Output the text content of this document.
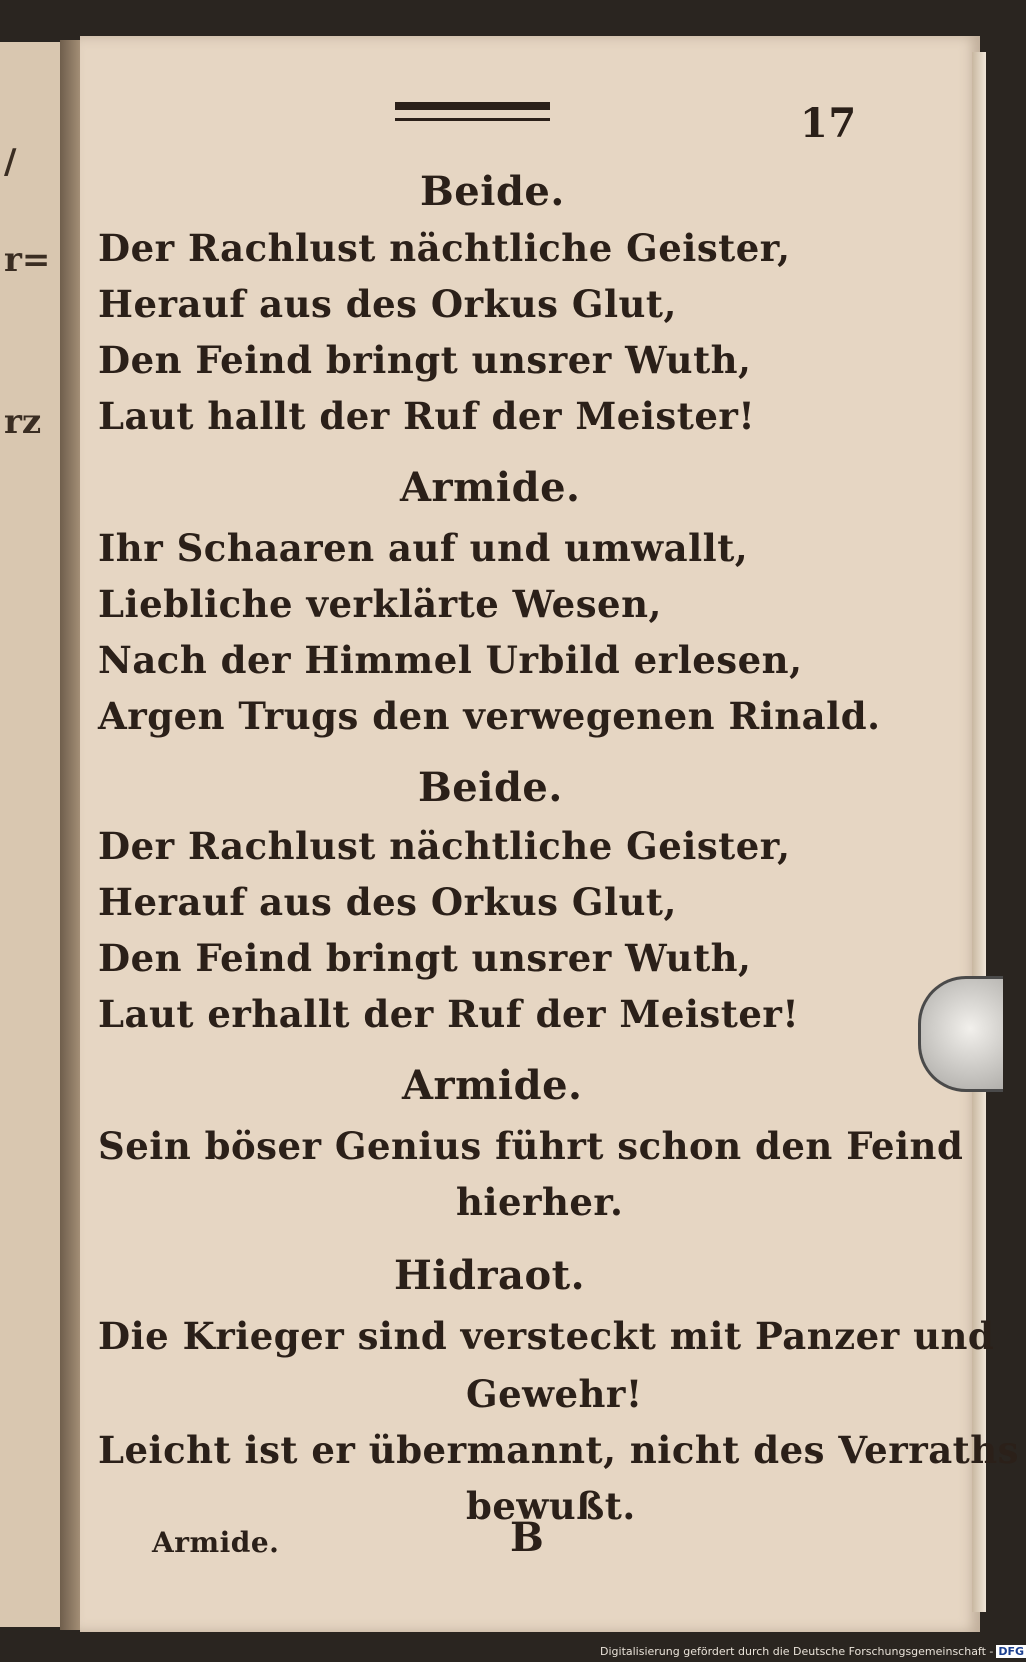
/
r=
rz
17
Beide.
Der Rachlust nächtliche Geister,
Herauf aus des Orkus Glut,
Den Feind bringt unsrer Wuth,
Laut hallt der Ruf der Meister!
Armide.
Ihr Schaaren auf und umwallt,
Liebliche verklärte Wesen,
Nach der Himmel Urbild erlesen,
Argen Trugs den verwegenen Rinald.
Beide.
Der Rachlust nächtliche Geister,
Herauf aus des Orkus Glut,
Den Feind bringt unsrer Wuth,
Laut erhallt der Ruf der Meister!
Armide.
Sein böser Genius führt schon den Feind
hierher.
Hidraot.
Die Krieger sind versteckt mit Panzer und
Gewehr!
Leicht ist er übermannt, nicht des Verraths
bewußt.
Armide.	B
Digitalisierung gefördert durch die Deutsche Forschungsgemeinschaft - DFG
